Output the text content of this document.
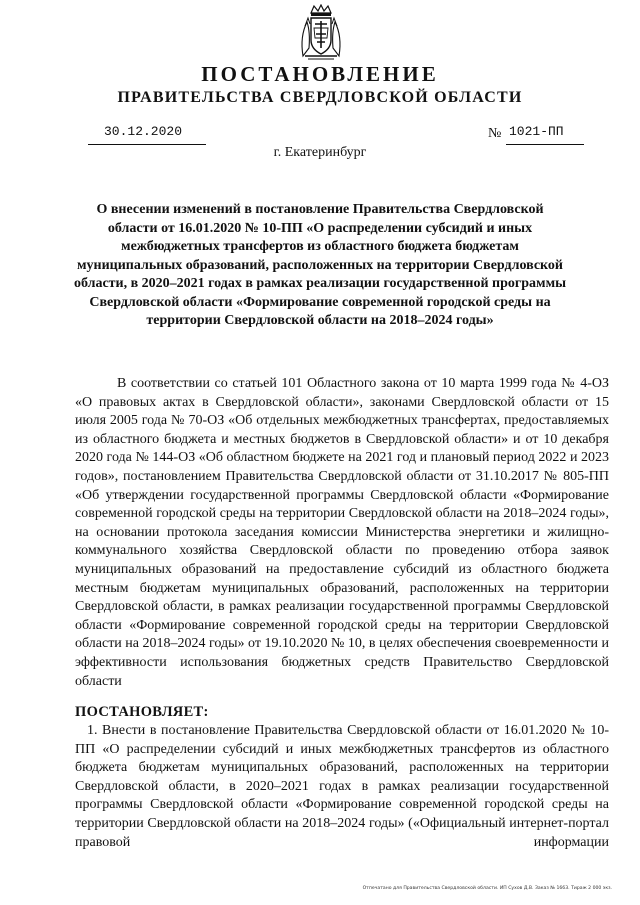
ПОСТАНОВЛЕНИЕ
ПРАВИТЕЛЬСТВА СВЕРДЛОВСКОЙ ОБЛАСТИ
30.12.2020	№ 1021-ПП
г. Екатеринбург

О внесении изменений в постановление Правительства Свердловской области от 16.01.2020 № 10-ПП «О распределении субсидий и иных межбюджетных трансфертов из областного бюджета бюджетам муниципальных образований, расположенных на территории Свердловской области, в 2020–2021 годах в рамках реализации государственной программы Свердловской области «Формирование современной городской среды на территории Свердловской области на 2018–2024 годы»

В соответствии со статьей 101 Областного закона от 10 марта 1999 года № 4-ОЗ «О правовых актах в Свердловской области», законами Свердловской области от 15 июля 2005 года № 70-ОЗ «Об отдельных межбюджетных трансфертах, предоставляемых из областного бюджета и местных бюджетов в Свердловской области» и от 10 декабря 2020 года № 144-ОЗ «Об областном бюджете на 2021 год и плановый период 2022 и 2023 годов», постановлением Правительства Свердловской области от 31.10.2017 № 805-ПП «Об утверждении государственной программы Свердловской области «Формирование современной городской среды на территории Свердловской области на 2018–2024 годы», на основании протокола заседания комиссии Министерства энергетики и жилищно-коммунального хозяйства Свердловской области по проведению отбора заявок муниципальных образований на предоставление субсидий из областного бюджета местным бюджетам муниципальных образований, расположенных на территории Свердловской области, в рамках реализации государственной программы Свердловской области «Формирование современной городской среды на территории Свердловской области на 2018–2024 годы» от 19.10.2020 № 10, в целях обеспечения своевременности и эффективности использования бюджетных средств Правительство Свердловской области

ПОСТАНОВЛЯЕТ:

1. Внести в постановление Правительства Свердловской области от 16.01.2020 № 10-ПП «О распределении субсидий и иных межбюджетных трансфертов из областного бюджета бюджетам муниципальных образований, расположенных на территории Свердловской области, в 2020–2021 годах в рамках реализации государственной программы Свердловской области «Формирование современной городской среды на территории Свердловской области на 2018–2024 годы» («Официальный интернет-портал правовой информации

Отпечатано для Правительства Свердловской области. ИП Сухов Д.В. Заказ № 1663. Тираж 2 000 экз.
